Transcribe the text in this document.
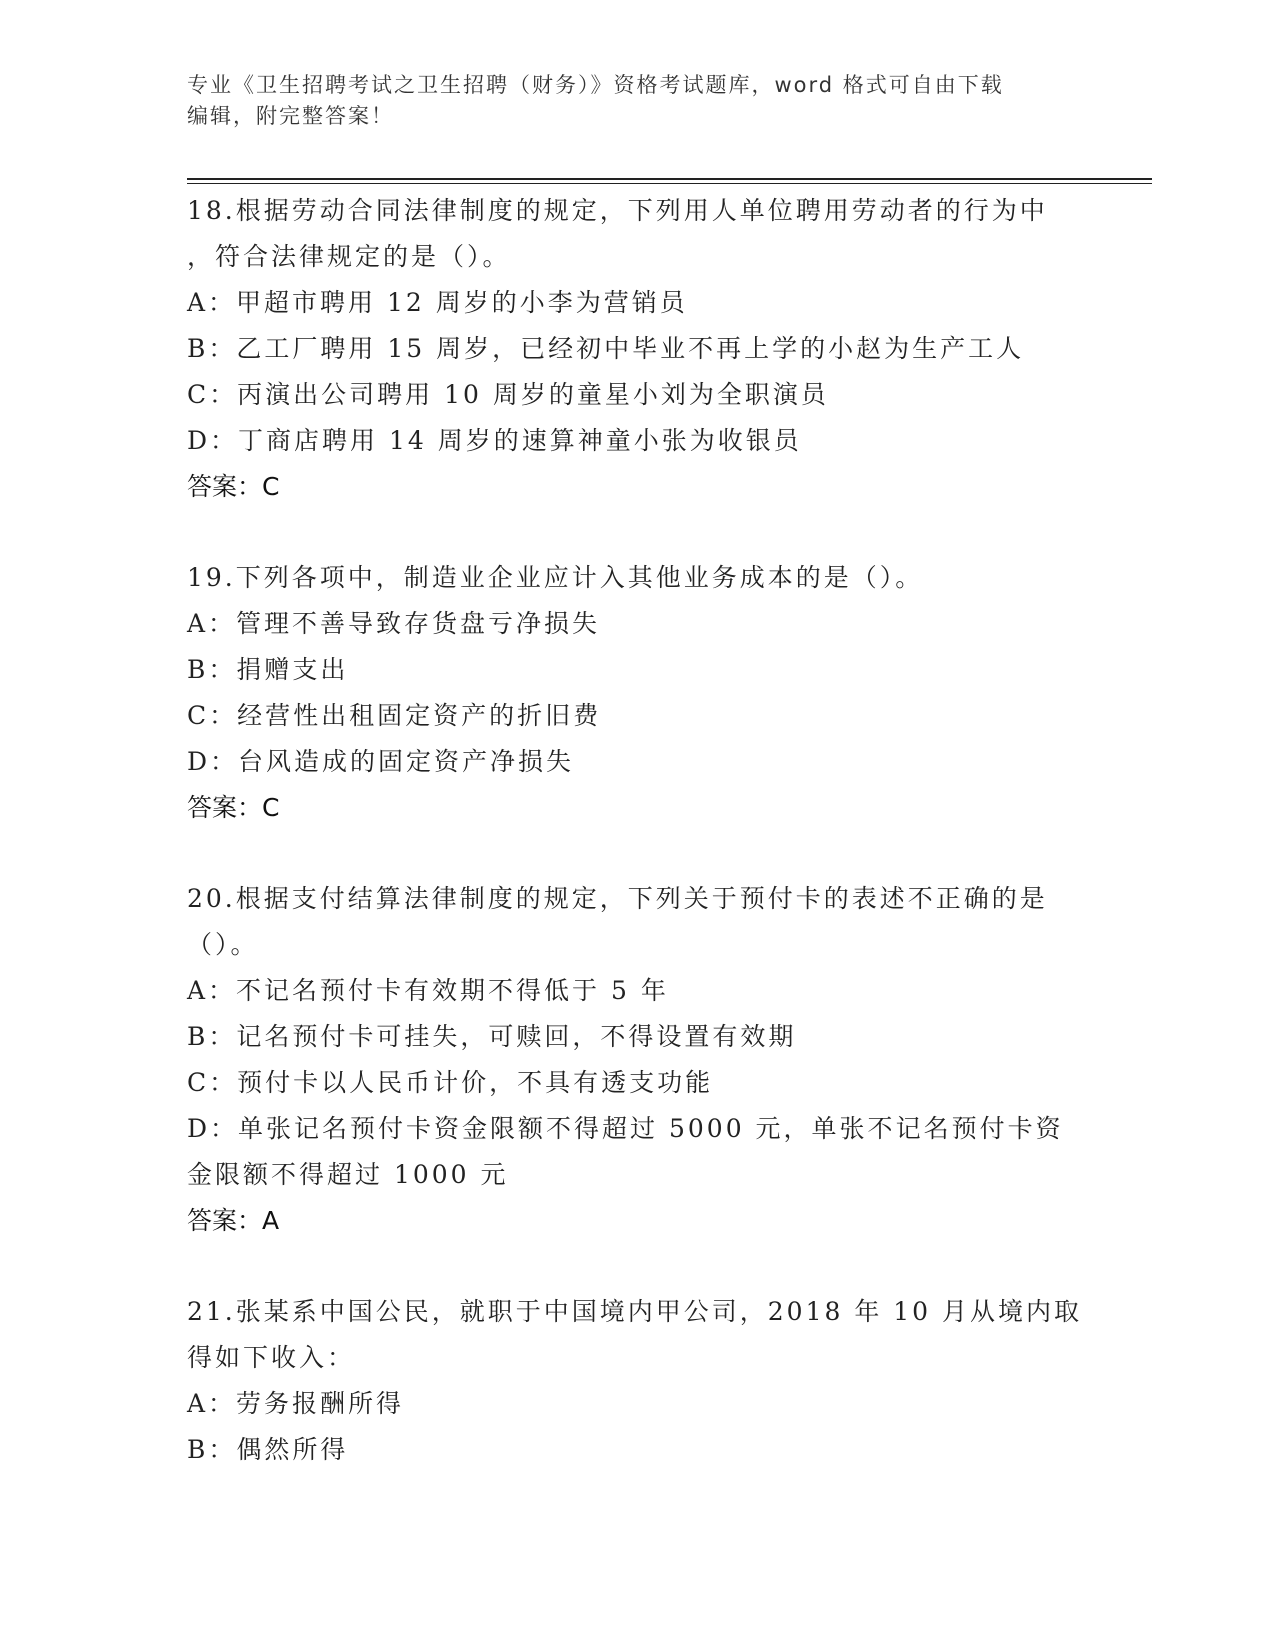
专业《卫生招聘考试之卫生招聘（财务）》资格考试题库，word 格式可自由下载
编辑，附完整答案！
18.根据劳动合同法律制度的规定，下列用人单位聘用劳动者的行为中
，符合法律规定的是（）。
A：甲超市聘用 12 周岁的小李为营销员
B：乙工厂聘用 15 周岁，已经初中毕业不再上学的小赵为生产工人
C：丙演出公司聘用 10 周岁的童星小刘为全职演员
D：丁商店聘用 14 周岁的速算神童小张为收银员
答案：C
19.下列各项中，制造业企业应计入其他业务成本的是（）。
A：管理不善导致存货盘亏净损失
B：捐赠支出
C：经营性出租固定资产的折旧费
D：台风造成的固定资产净损失
答案：C
20.根据支付结算法律制度的规定，下列关于预付卡的表述不正确的是
（）。
A：不记名预付卡有效期不得低于 5 年
B：记名预付卡可挂失，可赎回，不得设置有效期
C：预付卡以人民币计价，不具有透支功能
D：单张记名预付卡资金限额不得超过 5000 元，单张不记名预付卡资
金限额不得超过 1000 元
答案：A
21.张某系中国公民，就职于中国境内甲公司，2018 年 10 月从境内取
得如下收入：
A：劳务报酬所得
B：偶然所得
